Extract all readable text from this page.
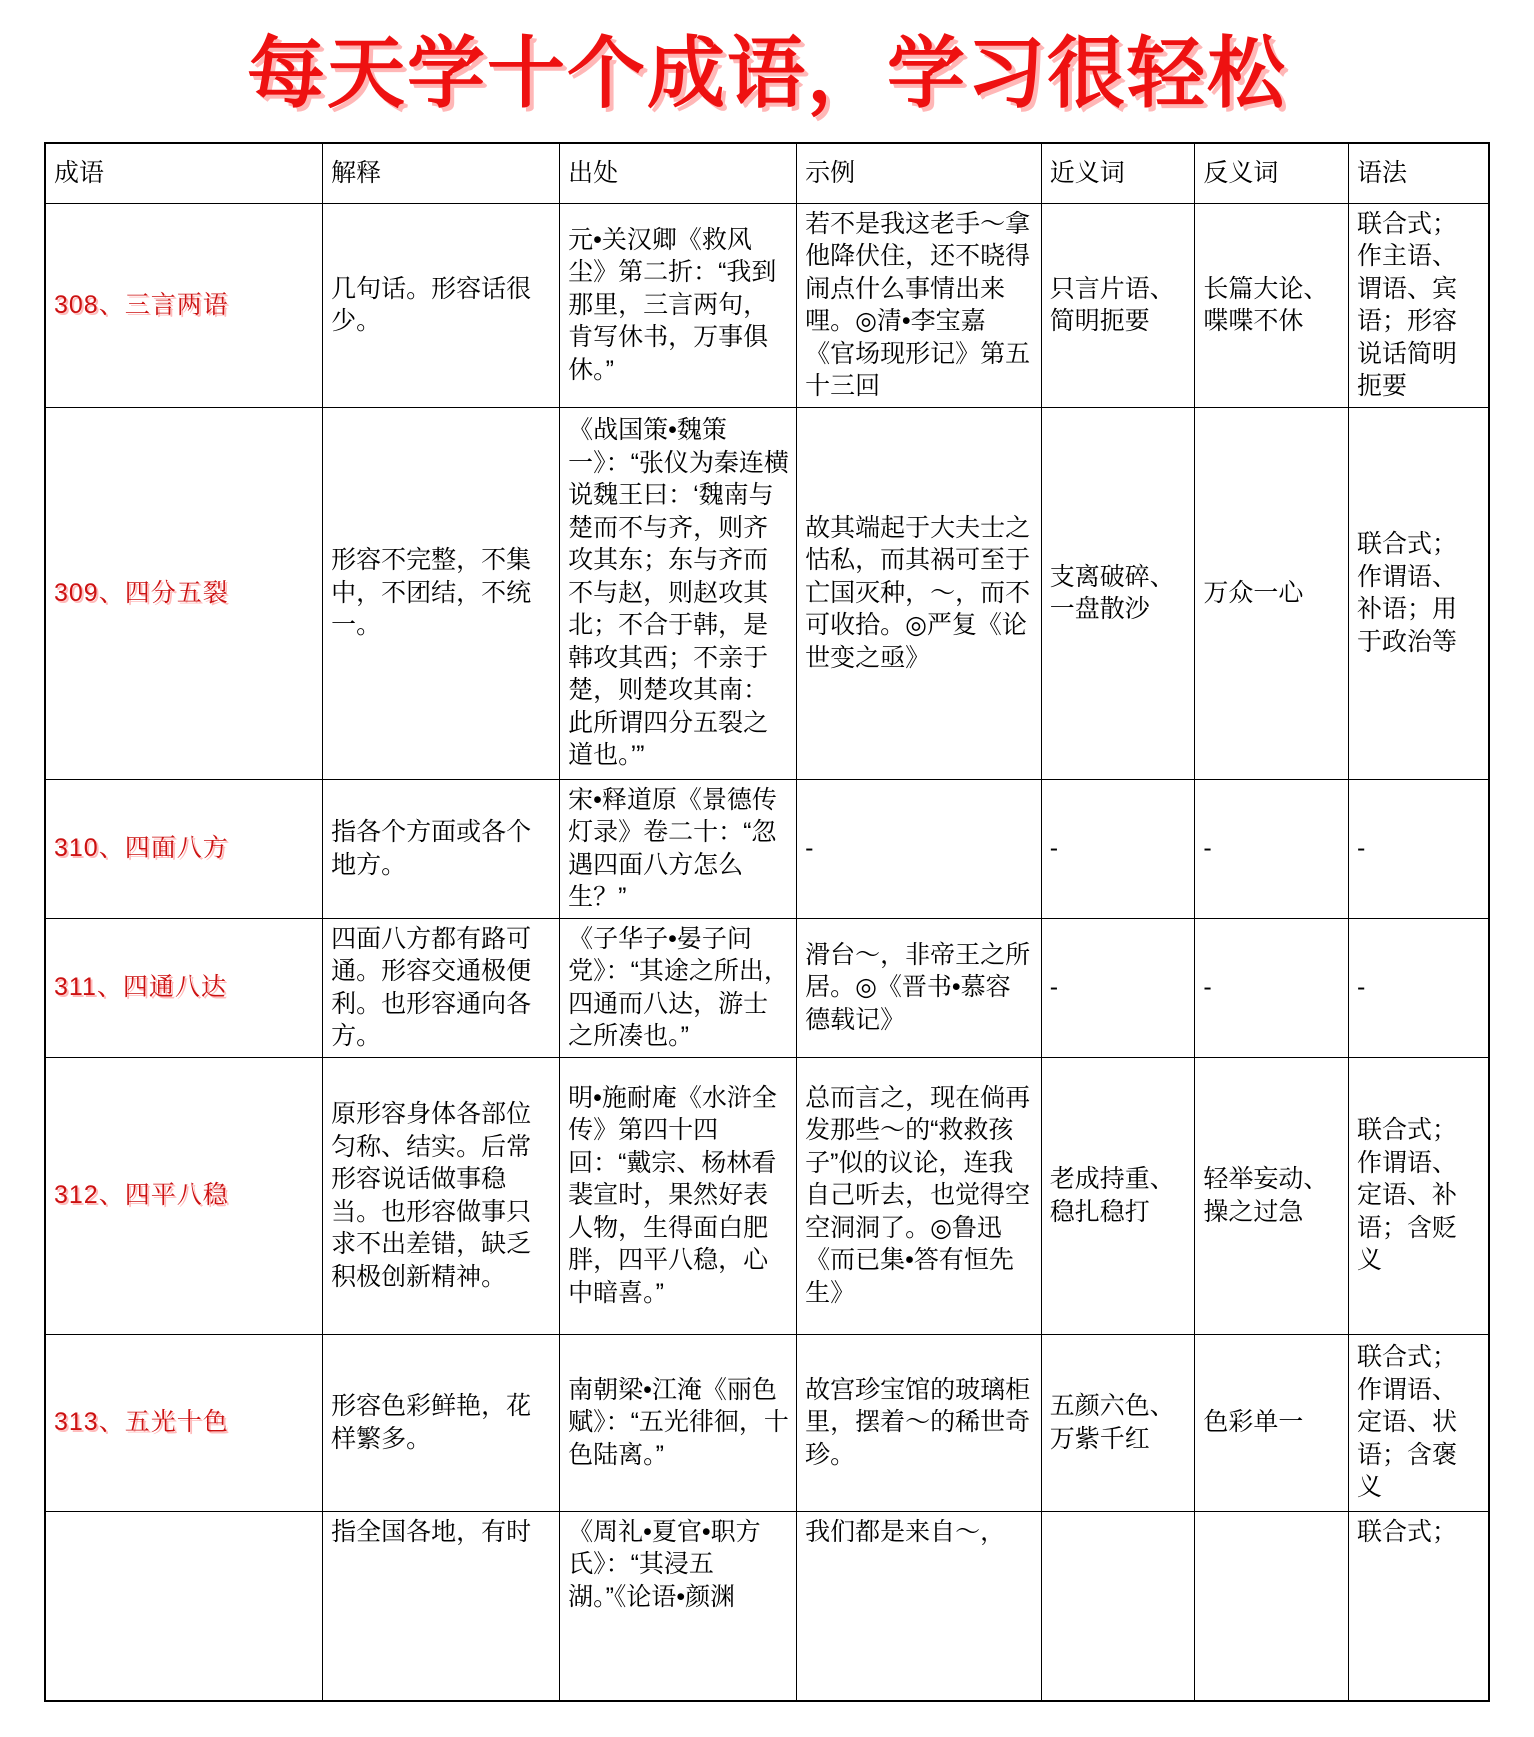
每天学十个成语，学习很轻松
成语	解释	出处	示例	近义词	反义词	语法
308、三言两语	几句话。形容话很少。	元•关汉卿《救风尘》第二折：“我到那里，三言两句，肯写休书，万事俱休。”	若不是我这老手～拿他降伏住，还不晓得闹点什么事情出来哩。◎清•李宝嘉《官场现形记》第五十三回	只言片语、简明扼要	长篇大论、喋喋不休	联合式；作主语、谓语、宾语；形容说话简明扼要
309、四分五裂	形容不完整，不集中，不团结，不统一。	《战国策•魏策一》：“张仪为秦连横说魏王曰：‘魏南与楚而不与齐，则齐攻其东；东与齐而不与赵，则赵攻其北；不合于韩，是韩攻其西；不亲于楚，则楚攻其南：此所谓四分五裂之道也。’”	故其端起于大夫士之怙私，而其祸可至于亡国灭种，～，而不可收拾。◎严复《论世变之亟》	支离破碎、一盘散沙	万众一心	联合式；作谓语、补语；用于政治等
310、四面八方	指各个方面或各个地方。	宋•释道原《景德传灯录》卷二十：“忽遇四面八方怎么生？”	-	-	-	-
311、四通八达	四面八方都有路可通。形容交通极便利。也形容通向各方。	《子华子•晏子问党》：“其途之所出，四通而八达，游士之所凑也。”	滑台～，非帝王之所居。◎《晋书•慕容德载记》	-	-	-
312、四平八稳	原形容身体各部位匀称、结实。后常形容说话做事稳当。也形容做事只求不出差错，缺乏积极创新精神。	明•施耐庵《水浒全传》第四十四回：“戴宗、杨林看裴宣时，果然好表人物，生得面白肥胖，四平八稳，心中暗喜。”	总而言之，现在倘再发那些～的“救救孩子”似的议论，连我自己听去，也觉得空空洞洞了。◎鲁迅《而已集•答有恒先生》	老成持重、稳扎稳打	轻举妄动、操之过急	联合式；作谓语、定语、补语；含贬义
313、五光十色	形容色彩鲜艳，花样繁多。	南朝梁•江淹《丽色赋》：“五光徘徊，十色陆离。”	故宫珍宝馆的玻璃柜里，摆着～的稀世奇珍。	五颜六色、万紫千红	色彩单一	联合式；作谓语、定语、状语；含褒义
	指全国各地，有时	《周礼•夏官•职方氏》：“其浸五湖。”《论语•颜渊	我们都是来自～，			联合式；
